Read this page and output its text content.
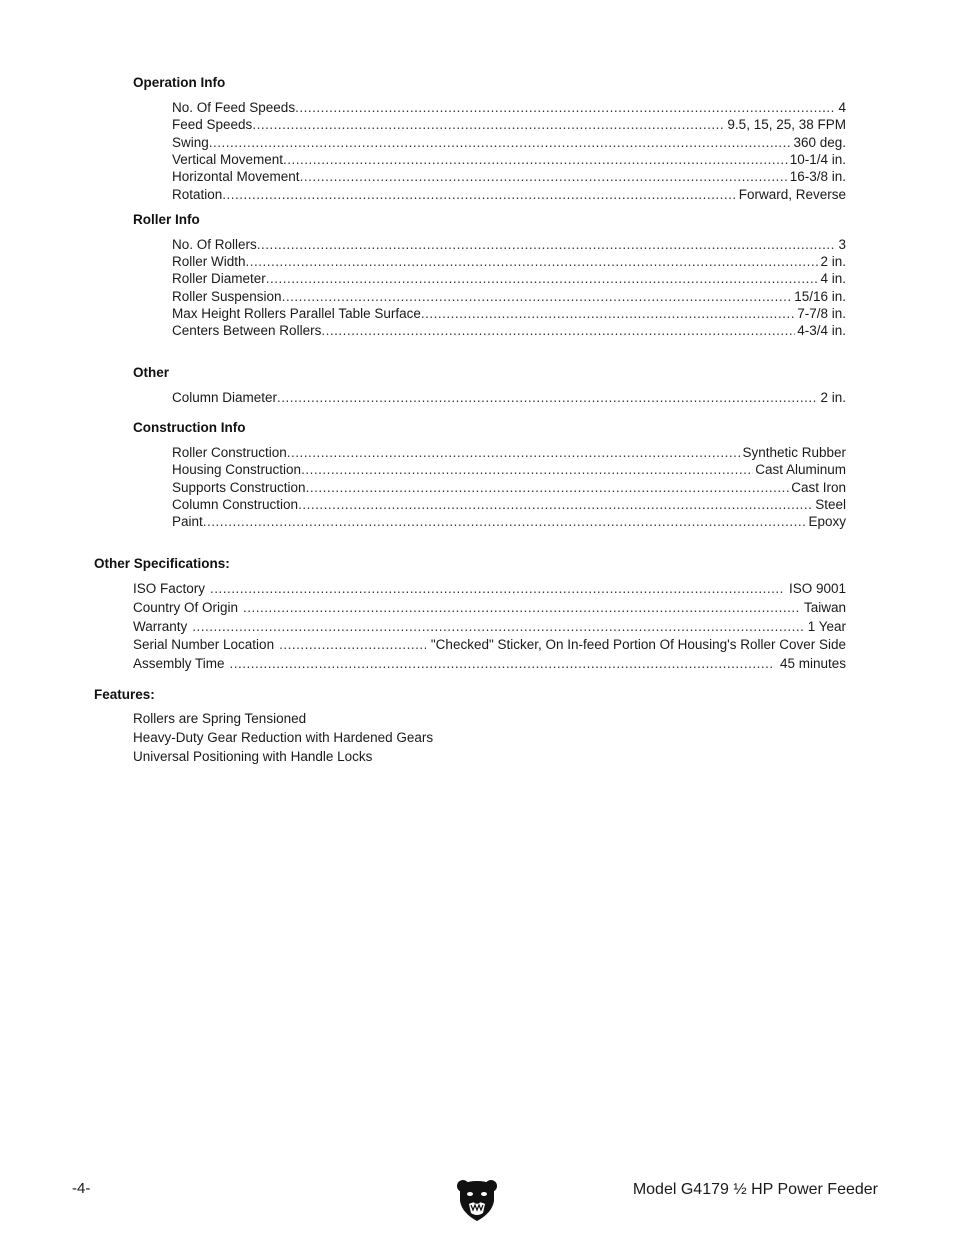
Operation Info
No. Of Feed Speeds .....	4
Feed Speeds .....	9.5, 15, 25, 38 FPM
Swing .....	360 deg.
Vertical Movement .....	10-1/4 in.
Horizontal Movement .....	16-3/8 in.
Rotation .....	Forward, Reverse
Roller Info
No. Of Rollers .....	3
Roller Width .....	2 in.
Roller Diameter .....	4 in.
Roller Suspension .....	15/16 in.
Max Height Rollers Parallel Table Surface .....	7-7/8 in.
Centers Between Rollers .....	4-3/4 in.
Other
Column Diameter .....	2 in.
Construction Info
Roller Construction .....	Synthetic Rubber
Housing Construction .....	Cast Aluminum
Supports Construction .....	Cast Iron
Column Construction .....	Steel
Paint .....	Epoxy
Other Specifications:
ISO Factory .....	ISO 9001
Country Of Origin .....	Taiwan
Warranty .....	1 Year
Serial Number Location .....	"Checked" Sticker, On In-feed Portion Of Housing's Roller Cover Side
Assembly Time .....	45 minutes
Features:
Rollers are Spring Tensioned
Heavy-Duty Gear Reduction with Hardened Gears
Universal Positioning with Handle Locks
-4-	Model G4179 ½ HP Power Feeder
